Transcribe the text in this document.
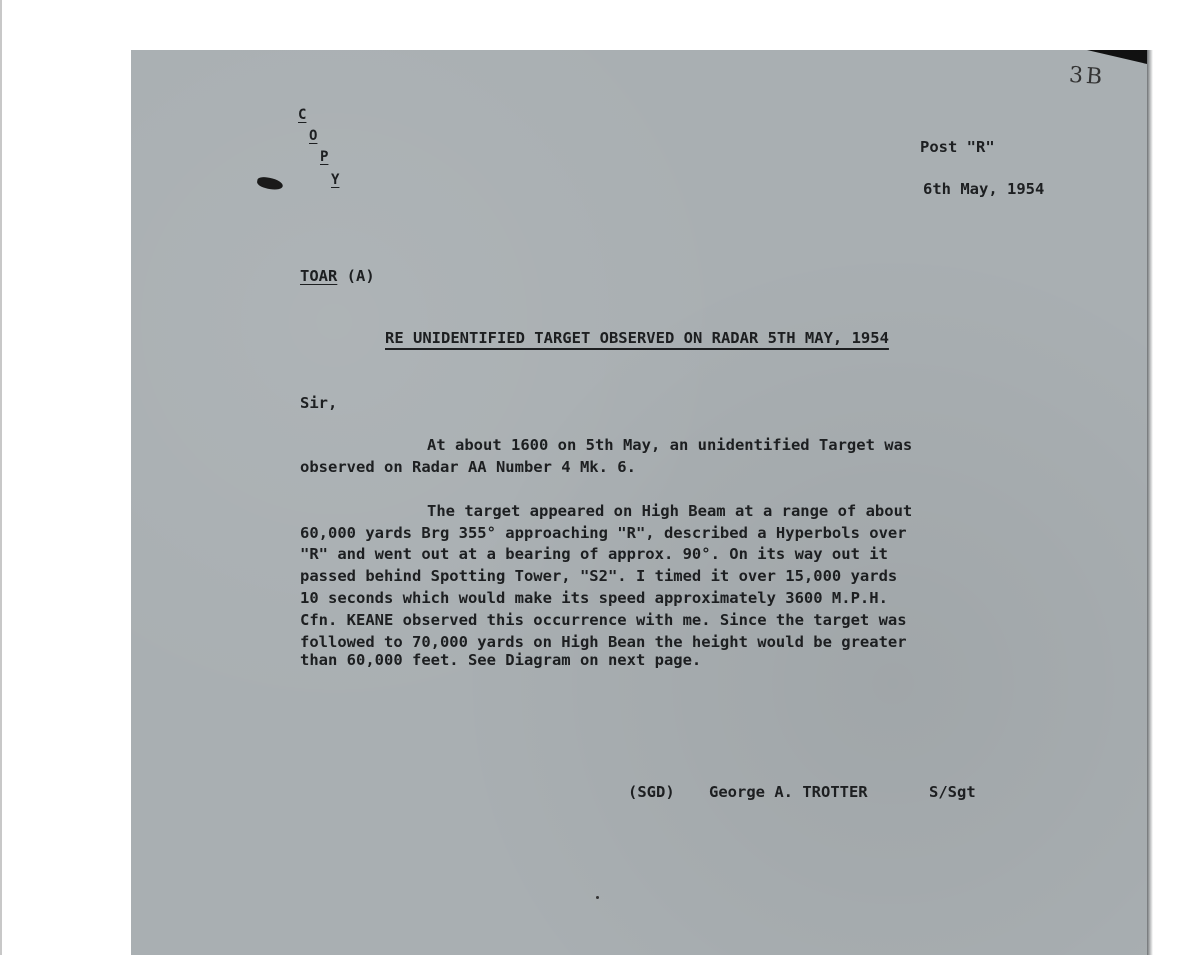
3B
C
O
P
Y
Post "R"
6th May, 1954
TOAR (A)
RE UNIDENTIFIED TARGET OBSERVED ON RADAR 5TH MAY, 1954
Sir,
At about 1600 on 5th May, an unidentified Target was
observed on Radar AA Number 4 Mk. 6.
The target appeared on High Beam at a range of about
60,000 yards Brg 355° approaching "R", described a Hyperbols over
"R" and went out at a bearing of approx. 90°. On its way out it
passed behind Spotting Tower, "S2". I timed it over 15,000 yards
10 seconds which would make its speed approximately 3600 M.P.H.
Cfn. KEANE observed this occurrence with me. Since the target was
followed to 70,000 yards on High Bean the height would be greater
than 60,000 feet. See Diagram on next page.
(SGD) George A. TROTTER	S/Sgt
